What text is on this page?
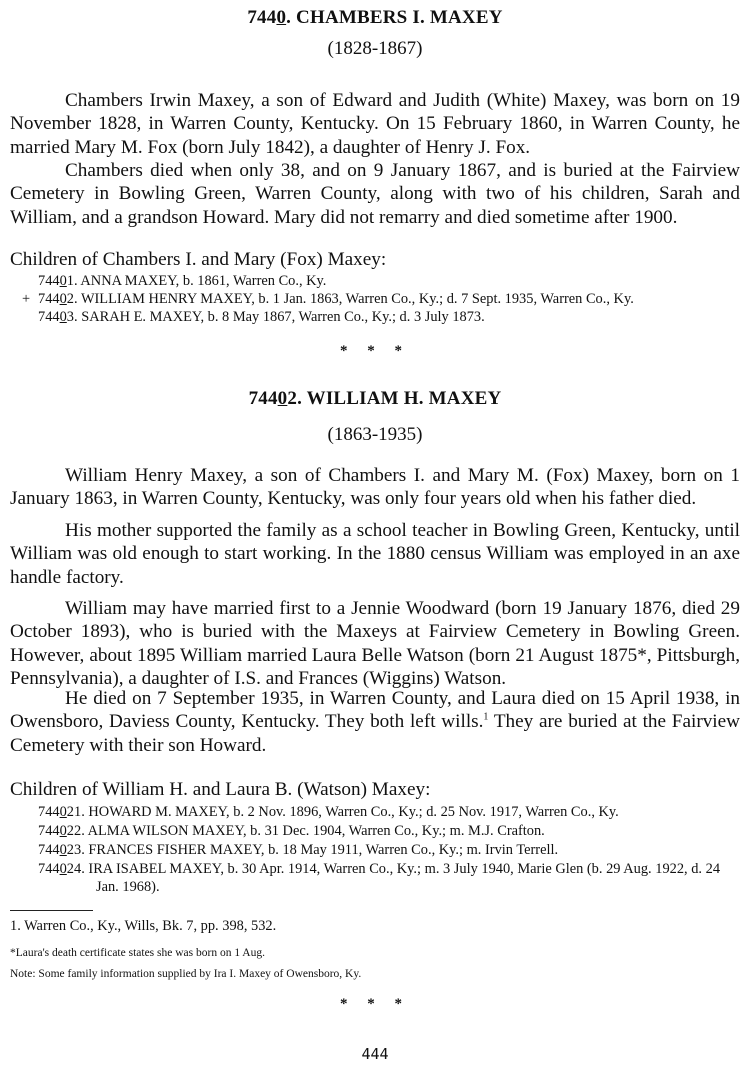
7440. CHAMBERS I. MAXEY
(1828-1867)

Chambers Irwin Maxey, a son of Edward and Judith (White) Maxey, was born on 19 November 1828, in Warren County, Kentucky. On 15 February 1860, in Warren County, he married Mary M. Fox (born July 1842), a daughter of Henry J. Fox.

Chambers died when only 38, and on 9 January 1867, and is buried at the Fairview Cemetery in Bowling Green, Warren County, along with two of his children, Sarah and William, and a grandson Howard. Mary did not remarry and died sometime after 1900.

Children of Chambers I. and Mary (Fox) Maxey:
74401. ANNA MAXEY, b. 1861, Warren Co., Ky.
+ 74402. WILLIAM HENRY MAXEY, b. 1 Jan. 1863, Warren Co., Ky.; d. 7 Sept. 1935, Warren Co., Ky.
74403. SARAH E. MAXEY, b. 8 May 1867, Warren Co., Ky.; d. 3 July 1873.
* * *
74402. WILLIAM H. MAXEY
(1863-1935)

William Henry Maxey, a son of Chambers I. and Mary M. (Fox) Maxey, born on 1 January 1863, in Warren County, Kentucky, was only four years old when his father died.

His mother supported the family as a school teacher in Bowling Green, Kentucky, until William was old enough to start working. In the 1880 census William was employed in an axe handle factory.

William may have married first to a Jennie Woodward (born 19 January 1876, died 29 October 1893), who is buried with the Maxeys at Fairview Cemetery in Bowling Green. However, about 1895 William married Laura Belle Watson (born 21 August 1875*, Pittsburgh, Pennsylvania), a daughter of I.S. and Frances (Wiggins) Watson.

He died on 7 September 1935, in Warren County, and Laura died on 15 April 1938, in Owensboro, Daviess County, Kentucky. They both left wills.$^1$ They are buried at the Fairview Cemetery with their son Howard.

Children of William H. and Laura B. (Watson) Maxey:
744021. HOWARD M. MAXEY, b. 2 Nov. 1896, Warren Co., Ky.; d. 25 Nov. 1917, Warren Co., Ky.
744022. ALMA WILSON MAXEY, b. 31 Dec. 1904, Warren Co., Ky.; m. M.J. Crafton.
744023. FRANCES FISHER MAXEY, b. 18 May 1911, Warren Co., Ky.; m. Irvin Terrell.

744024. IRA ISABEL MAXEY, b. 30 Apr. 1914, Warren Co., Ky.; m. 3 July 1940, Marie Glen (b. 29 Aug. 1922, d. 24 Jan. 1968).

1. Warren Co., Ky., Wills, Bk. 7, pp. 398, 532.
*Laura's death certificate states she was born on 1 Aug.
Note: Some family information supplied by Ira I. Maxey of Owensboro, Ky.
* * *
444
